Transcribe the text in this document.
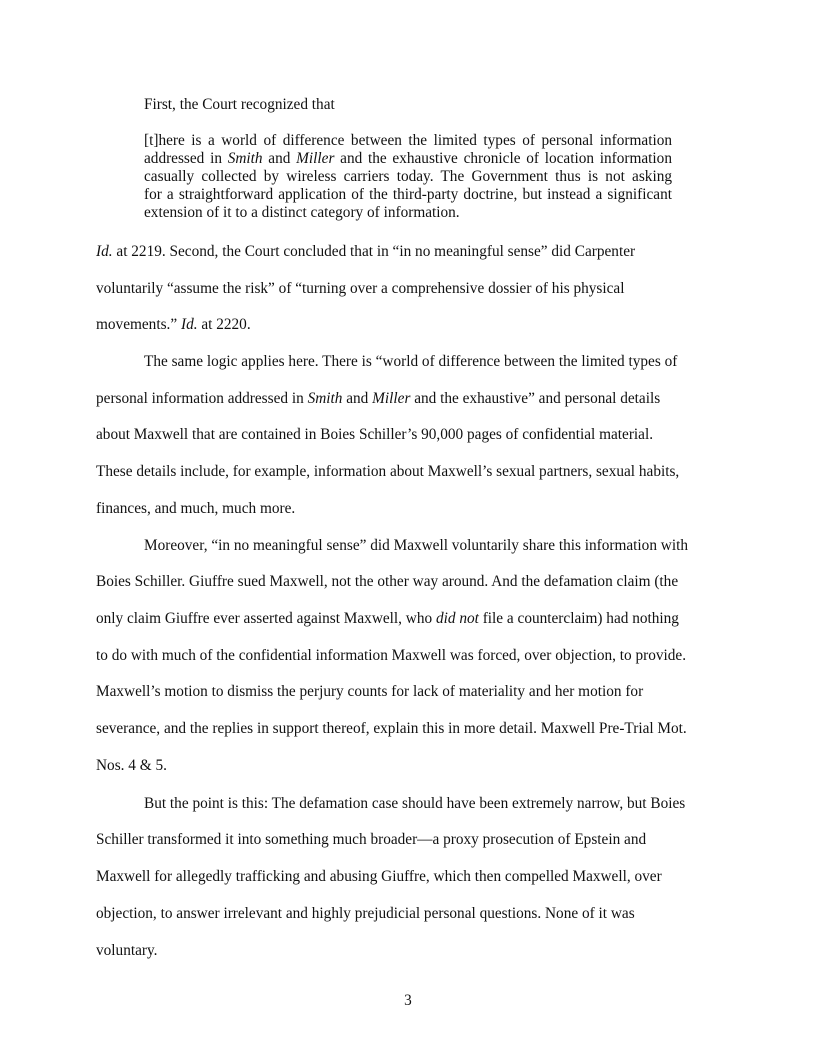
First, the Court recognized that
[t]here is a world of difference between the limited types of personal information
addressed in Smith and Miller and the exhaustive chronicle of location information
casually collected by wireless carriers today. The Government thus is not asking
for a straightforward application of the third-party doctrine, but instead a significant
extension of it to a distinct category of information.
Id. at 2219. Second, the Court concluded that in “in no meaningful sense” did Carpenter
voluntarily “assume the risk” of “turning over a comprehensive dossier of his physical
movements.” Id. at 2220.
The same logic applies here. There is “world of difference between the limited types of
personal information addressed in Smith and Miller and the exhaustive” and personal details
about Maxwell that are contained in Boies Schiller’s 90,000 pages of confidential material.
These details include, for example, information about Maxwell’s sexual partners, sexual habits,
finances, and much, much more.
Moreover, “in no meaningful sense” did Maxwell voluntarily share this information with
Boies Schiller. Giuffre sued Maxwell, not the other way around. And the defamation claim (the
only claim Giuffre ever asserted against Maxwell, who did not file a counterclaim) had nothing
to do with much of the confidential information Maxwell was forced, over objection, to provide.
Maxwell’s motion to dismiss the perjury counts for lack of materiality and her motion for
severance, and the replies in support thereof, explain this in more detail. Maxwell Pre-Trial Mot.
Nos. 4 & 5.
But the point is this: The defamation case should have been extremely narrow, but Boies
Schiller transformed it into something much broader—a proxy prosecution of Epstein and
Maxwell for allegedly trafficking and abusing Giuffre, which then compelled Maxwell, over
objection, to answer irrelevant and highly prejudicial personal questions. None of it was
voluntary.
3
